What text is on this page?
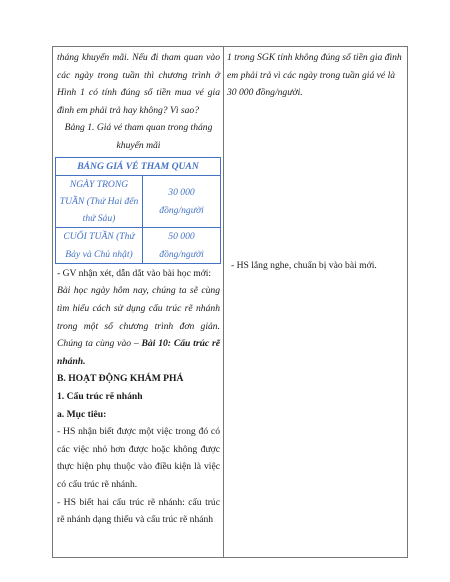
tháng khuyến mãi. Nếu đi tham quan vào các ngày trong tuần thì chương trình ở Hình 1 có tính đúng số tiền mua vé gia đình em phải trả hay không? Vì sao?

Bảng 1. Giá vé tham quan trong tháng khuyến mãi

BẢNG GIÁ VÉ THAM QUAN	
NGÀY TRONG TUẦN (Thứ Hai đến thứ Sáu)	30 000 đồng/người
CUỐI TUẦN (Thứ Bảy và Chủ nhật)	50 000 đồng/người

- GV nhận xét, dẫn dắt vào bài học mới:

Bài học ngày hôm nay, chúng ta sẽ cùng tìm hiểu cách sử dụng cấu trúc rẽ nhánh trong một số chương trình đơn giản. Chúng ta cùng vào – Bài 10: Cấu trúc rẽ nhánh.

B. HOẠT ĐỘNG KHÁM PHÁ

1. Cấu trúc rẽ nhánh

a. Mục tiêu:

- HS nhận biết được một việc trong đó có các việc nhỏ hơn được hoặc không được thực hiện phụ thuộc vào điều kiện là việc có cấu trúc rẽ nhánh.

- HS biết hai cấu trúc rẽ nhánh: cấu trúc rẽ nhánh dạng thiếu và cấu trúc rẽ nhánh

1 trong SGK tính không đúng số tiền gia đình em phải trả vì các ngày trong tuần giá vé là 30 000 đồng/người.

- HS lắng nghe, chuẩn bị vào bài mới.
